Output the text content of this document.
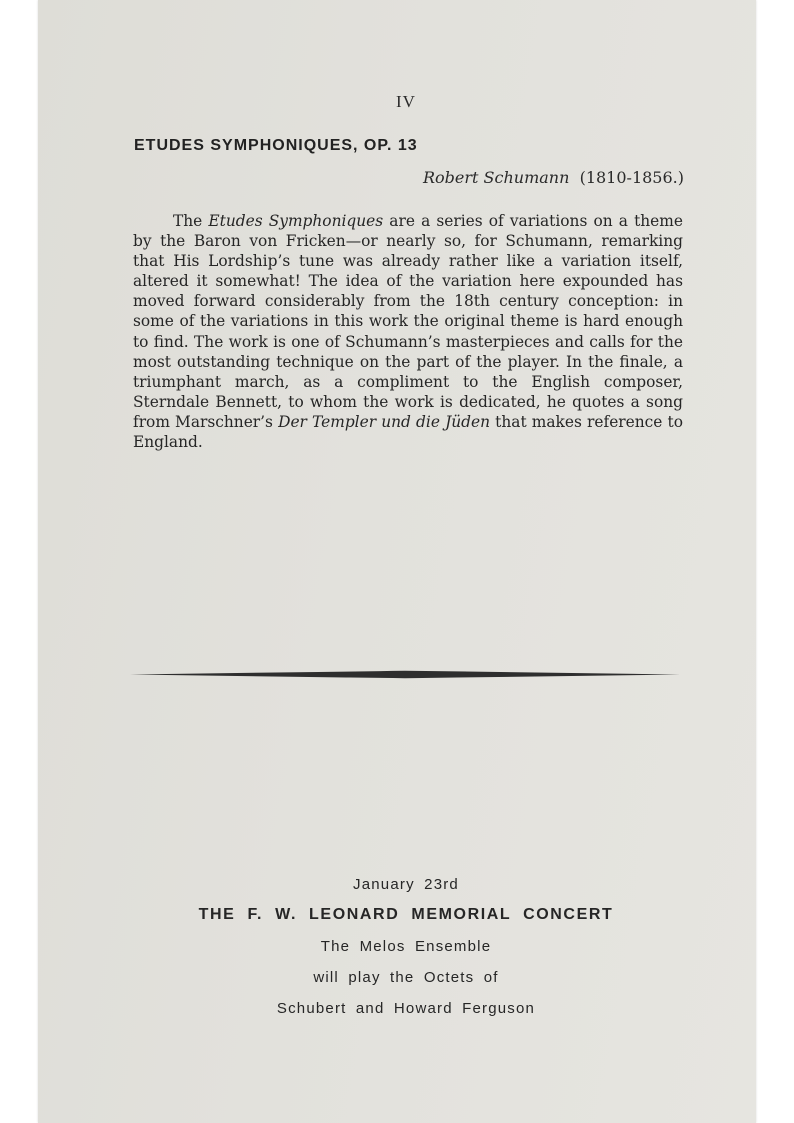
IV
ETUDES SYMPHONIQUES, OP. 13
Robert Schumann (1810-1856.)

The Etudes Symphoniques are a series of variations on a theme by the Baron von Fricken—or nearly so, for Schumann, remarking that His Lordship’s tune was already rather like a variation itself, altered it somewhat! The idea of the variation here expounded has moved forward considerably from the 18th century conception: in some of the variations in this work the original theme is hard enough to find. The work is one of Schumann’s masterpieces and calls for the most outstanding technique on the part of the player. In the finale, a triumphant march, as a compliment to the English composer, Sterndale Bennett, to whom the work is dedicated, he quotes a song from Marschner’s Der Templer und die Jüden that makes reference to England.

January 23rd
THE F. W. LEONARD MEMORIAL CONCERT
The Melos Ensemble
will play the Octets of
Schubert and Howard Ferguson
